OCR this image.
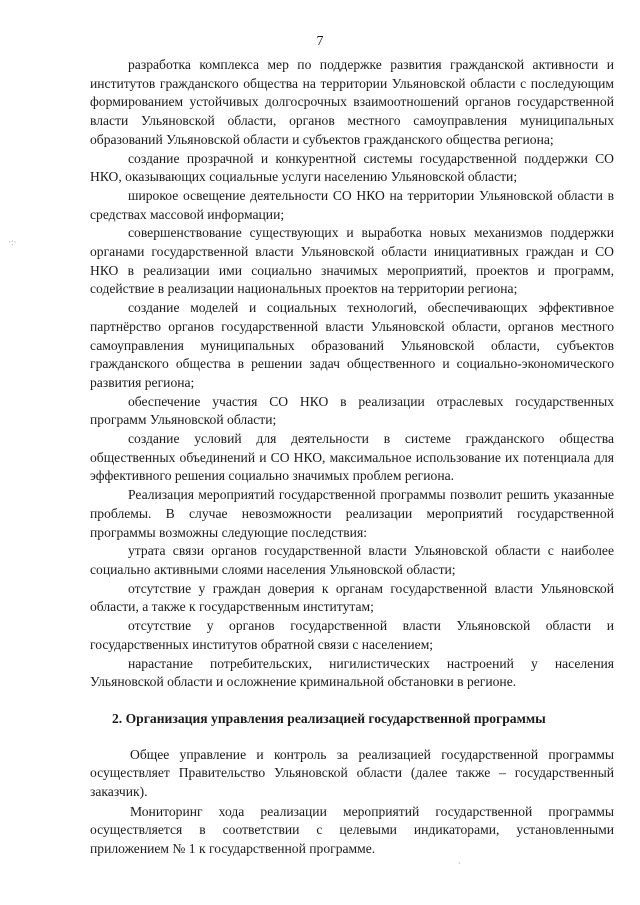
7
·:·
ˋ

разработка комплекса мер по поддержке развития гражданской активности и институтов гражданского общества на территории Ульяновской области с последующим формированием устойчивых долгосрочных взаимоотношений органов государственной власти Ульяновской области, органов местного самоуправления муниципальных образований Ульяновской области и субъектов гражданского общества региона;

создание прозрачной и конкурентной системы государственной поддержки СО НКО, оказывающих социальные услуги населению Ульяновской области;

широкое освещение деятельности СО НКО на территории Ульяновской области в средствах массовой информации;

совершенствование существующих и выработка новых механизмов поддержки органами государственной власти Ульяновской области инициативных граждан и СО НКО в реализации ими социально значимых мероприятий, проектов и программ, содействие в реализации национальных проектов на территории региона;

создание моделей и социальных технологий, обеспечивающих эффективное партнёрство органов государственной власти Ульяновской области, органов местного самоуправления муниципальных образований Ульяновской области, субъектов гражданского общества в решении задач общественного и социально-экономического развития региона;

обеспечение участия СО НКО в реализации отраслевых государственных программ Ульяновской области;

создание условий для деятельности в системе гражданского общества общественных объединений и СО НКО, максимальное использование их потенциала для эффективного решения социально значимых проблем региона.

Реализация мероприятий государственной программы позволит решить указанные проблемы. В случае невозможности реализации мероприятий государственной программы возможны следующие последствия:

утрата связи органов государственной власти Ульяновской области с наиболее социально активными слоями населения Ульяновской области;

отсутствие у граждан доверия к органам государственной власти Ульяновской области, а также к государственным институтам;

отсутствие у органов государственной власти Ульяновской области и государственных институтов обратной связи с населением;

нарастание потребительских, нигилистических настроений у населения Ульяновской области и осложнение криминальной обстановки в регионе.

2. Организация управления реализацией государственной программы

Общее управление и контроль за реализацией государственной программы осуществляет Правительство Ульяновской области (далее также – государственный заказчик).

Мониторинг хода реализации мероприятий государственной программы осуществляется в соответствии с целевыми индикаторами, установленными приложением № 1 к государственной программе.
